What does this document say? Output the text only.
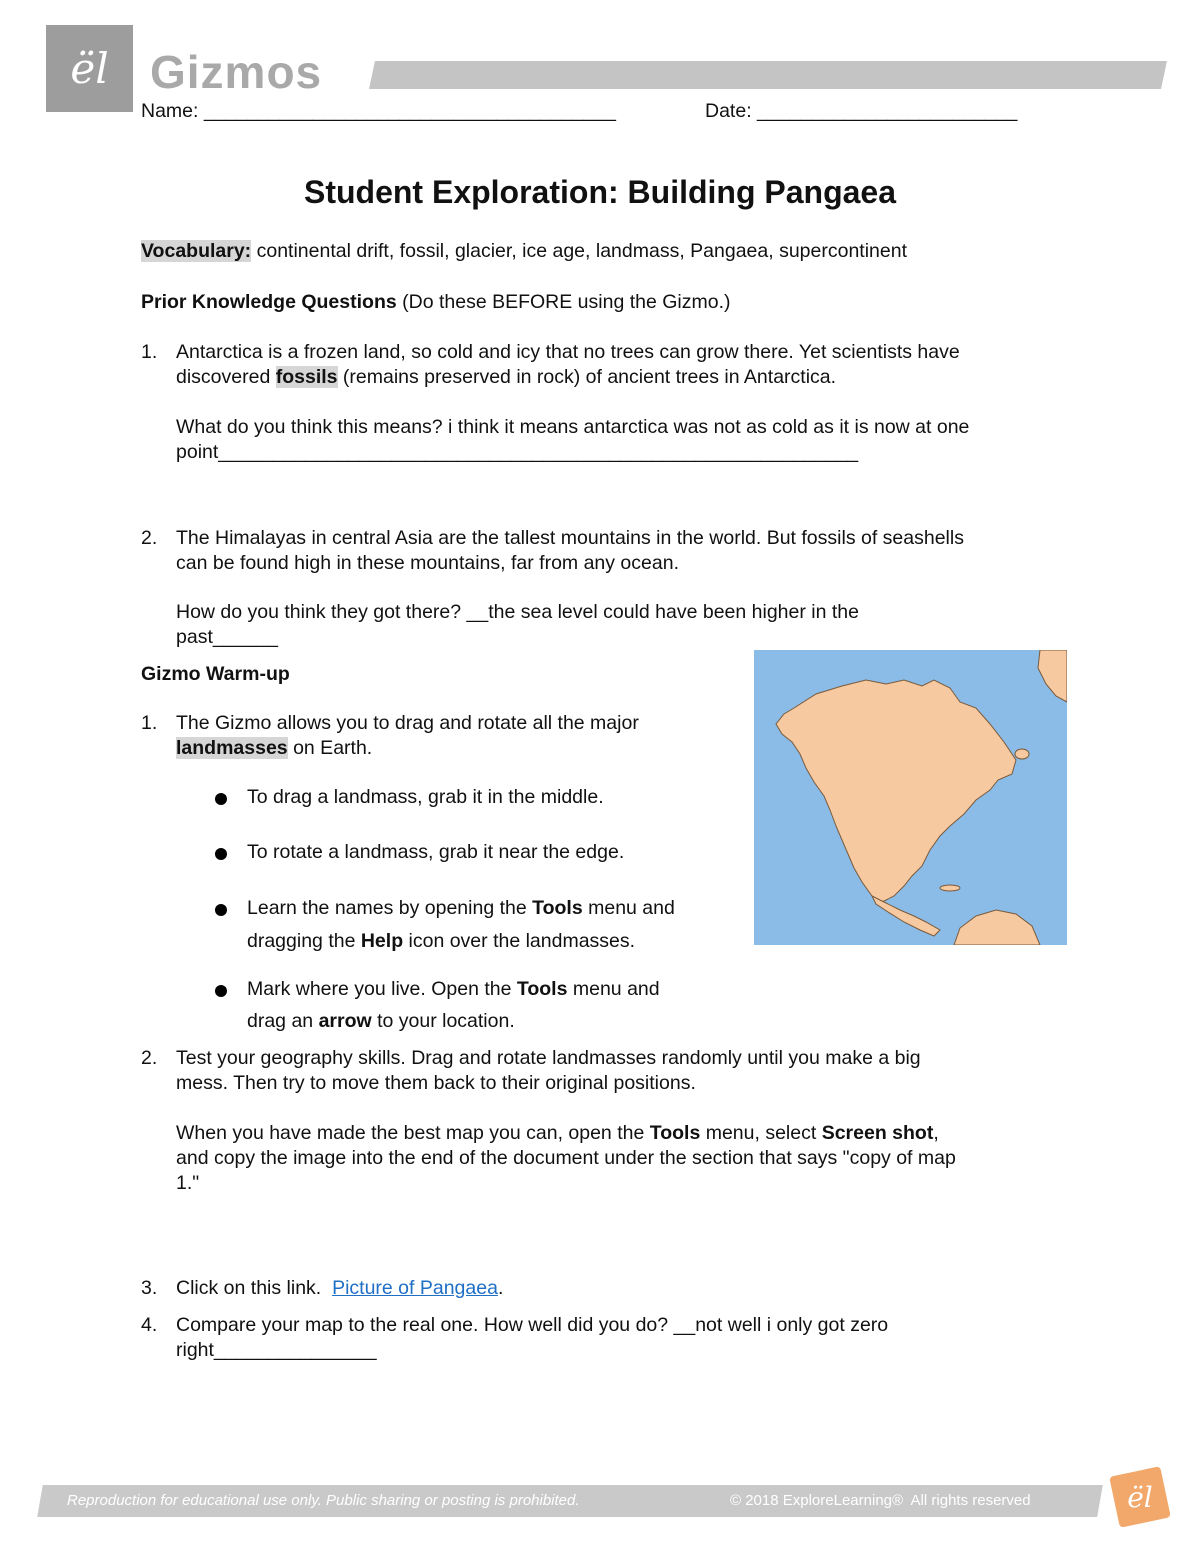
ël Gizmos
Name: ______________________________________	Date: ________________________
Student Exploration: Building Pangaea
Vocabulary: continental drift, fossil, glacier, ice age, landmass, Pangaea, supercontinent
Prior Knowledge Questions (Do these BEFORE using the Gizmo.)
1. Antarctica is a frozen land, so cold and icy that no trees can grow there. Yet scientists have
discovered fossils (remains preserved in rock) of ancient trees in Antarctica.
What do you think this means? i think it means antarctica was not as cold as it is now at one
point___________________________________________________________
2. The Himalayas in central Asia are the tallest mountains in the world. But fossils of seashells
can be found high in these mountains, far from any ocean.
How do you think they got there? __the sea level could have been higher in the
past______
Gizmo Warm-up
1. The Gizmo allows you to drag and rotate all the major
landmasses on Earth.
To drag a landmass, grab it in the middle.
To rotate a landmass, grab it near the edge.
Learn the names by opening the Tools menu and
dragging the Help icon over the landmasses.
Mark where you live. Open the Tools menu and
drag an arrow to your location.
2. Test your geography skills. Drag and rotate landmasses randomly until you make a big
mess. Then try to move them back to their original positions.
When you have made the best map you can, open the Tools menu, select Screen shot,
and copy the image into the end of the document under the section that says "copy of map
1."
3. Click on this link.  Picture of Pangaea.
4. Compare your map to the real one. How well did you do? __not well i only got zero
right_______________
Reproduction for educational use only. Public sharing or posting is prohibited.	© 2018 ExploreLearning®  All rights reserved	ël
